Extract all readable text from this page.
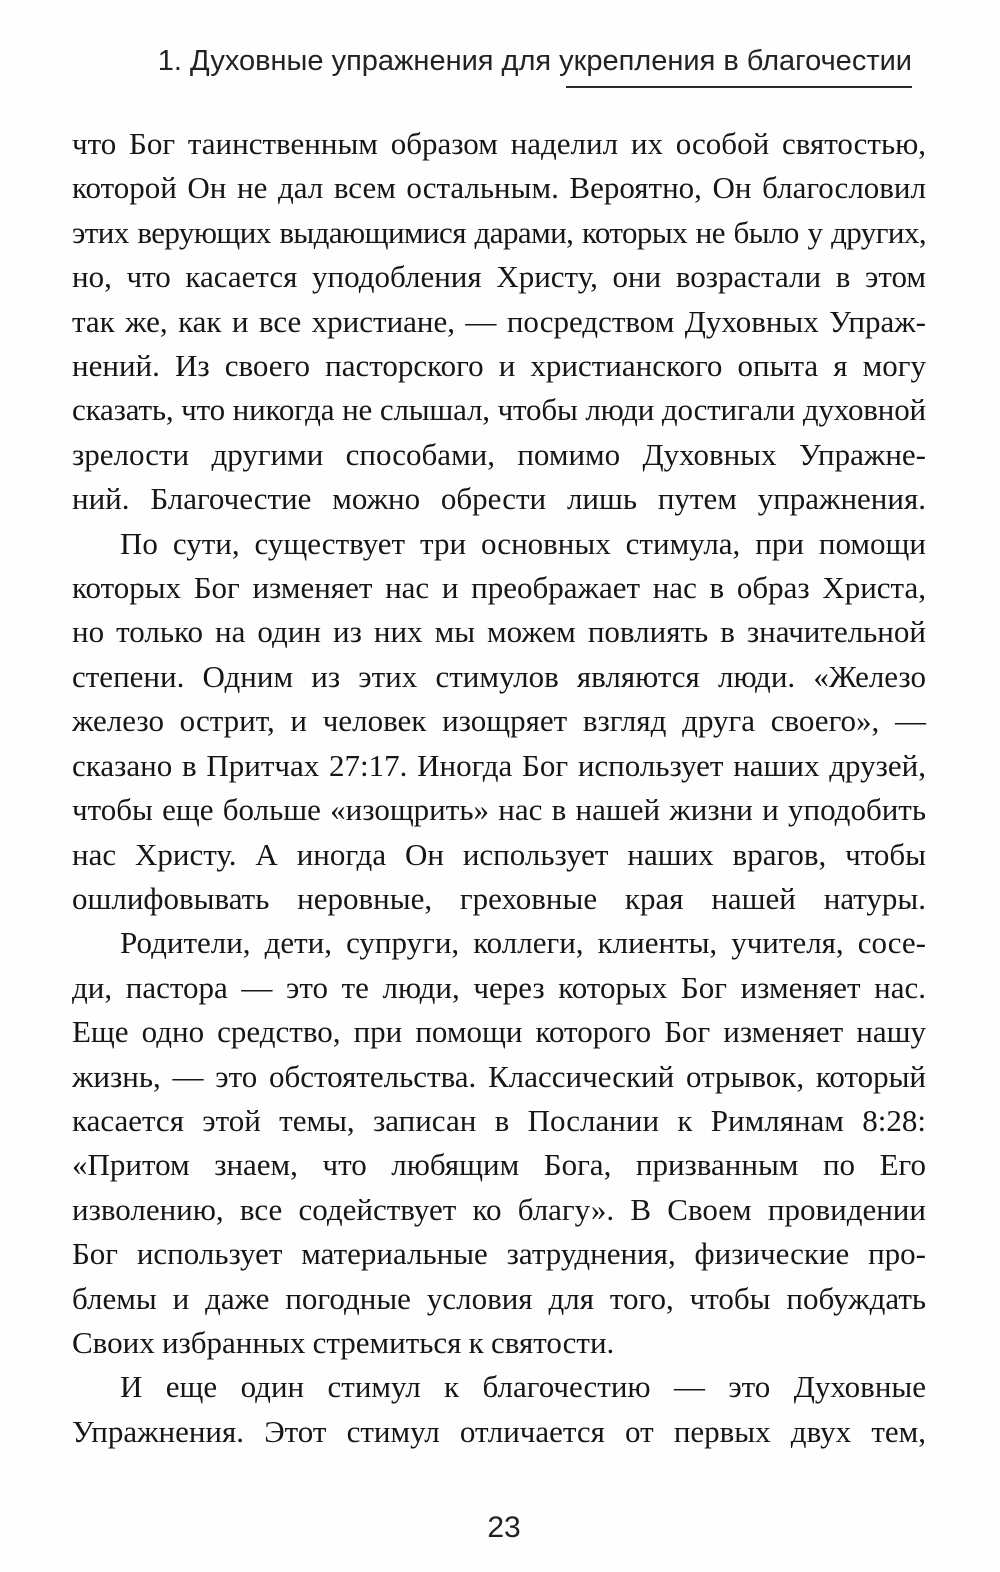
1. Духовные упражнения для укрепления в благочестии

что Бог таинственным образом наделил их особой святостью,
которой Он не дал всем остальным. Вероятно, Он благословил
этих верующих выдающимися дарами, которых не было у других,
но, что касается уподобления Христу, они возрастали в этом
так же, как и все христиане, — посредством Духовных Упраж-
нений. Из своего пасторского и христианского опыта я могу
сказать, что никогда не слышал, чтобы люди достигали духовной
зрелости другими способами, помимо Духовных Упражне-
ний. Благочестие можно обрести лишь путем упражнения.

По сути, существует три основных стимула, при помощи
которых Бог изменяет нас и преображает нас в образ Христа,
но только на один из них мы можем повлиять в значительной
степени. Одним из этих стимулов являются люди. «Железо
железо острит, и человек изощряет взгляд друга своего», —
сказано в Притчах 27:17. Иногда Бог использует наших друзей,
чтобы еще больше «изощрить» нас в нашей жизни и уподобить
нас Христу. А иногда Он использует наших врагов, чтобы
ошлифовывать неровные, греховные края нашей натуры.

Родители, дети, супруги, коллеги, клиенты, учителя, сосе-
ди, пастора — это те люди, через которых Бог изменяет нас.
Еще одно средство, при помощи которого Бог изменяет нашу
жизнь, — это обстоятельства. Классический отрывок, который
касается этой темы, записан в Послании к Римлянам 8:28:
«Притом знаем, что любящим Бога, призванным по Его
изволению, все содействует ко благу». В Своем провидении
Бог использует материальные затруднения, физические про-
блемы и даже погодные условия для того, чтобы побуждать
Своих избранных стремиться к святости.

И еще один стимул к благочестию — это Духовные
Упражнения. Этот стимул отличается от первых двух тем,

23
